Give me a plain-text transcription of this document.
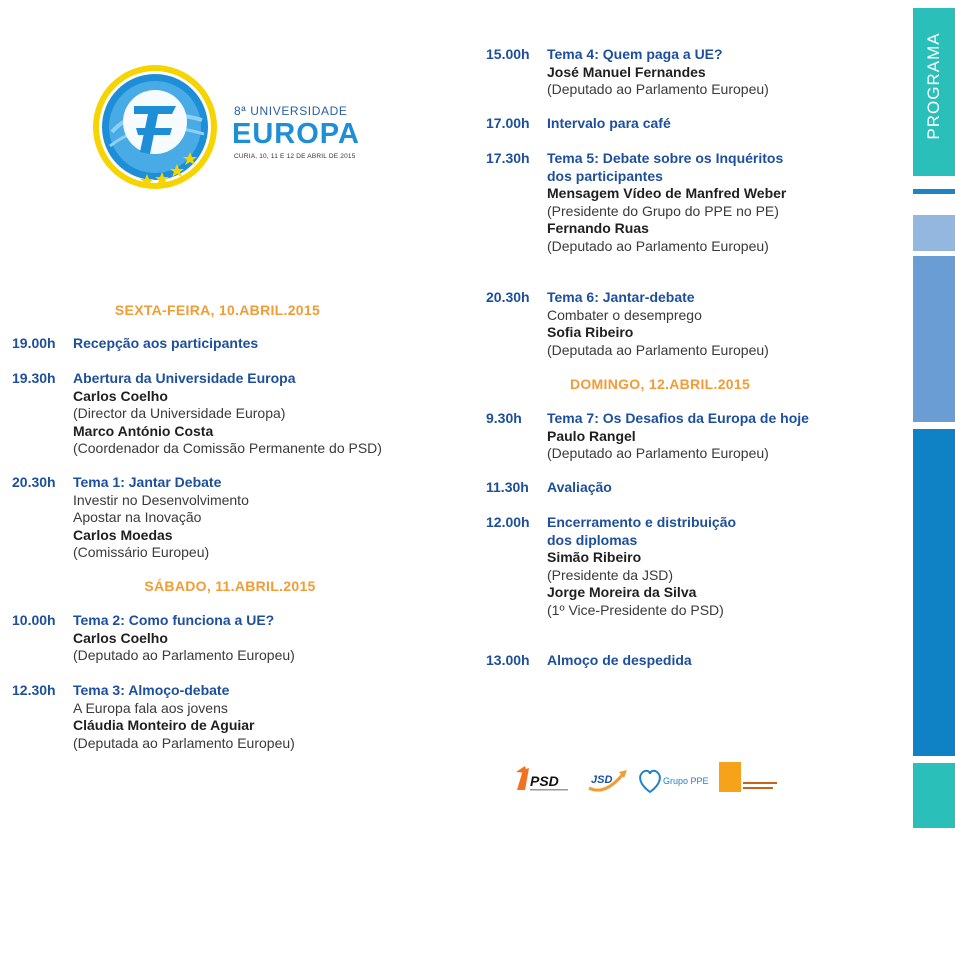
8ª UNIVERSIDADE
EUROPA
CURIA, 10, 11 E 12 DE ABRIL DE 2015
SEXTA-FEIRA, 10.ABRIL.2015
SÁBADO, 11.ABRIL.2015
DOMINGO, 12.ABRIL.2015
19.00h Recepção aos participantes
19.30h Abertura da Universidade Europa
Carlos Coelho
(Director da Universidade Europa)
Marco António Costa
(Coordenador da Comissão Permanente do PSD)
20.30h Tema 1: Jantar Debate
Investir no Desenvolvimento
Apostar na Inovação
Carlos Moedas
(Comissário Europeu)
10.00h Tema 2: Como funciona a UE?
Carlos Coelho
(Deputado ao Parlamento Europeu)
12.30h Tema 3: Almoço-debate
A Europa fala aos jovens
Cláudia Monteiro de Aguiar
(Deputada ao Parlamento Europeu)
15.00h Tema 4: Quem paga a UE?
José Manuel Fernandes
(Deputado ao Parlamento Europeu)
17.00h Intervalo para café
17.30h Tema 5: Debate sobre os Inquéritos
dos participantes
Mensagem Vídeo de Manfred Weber
(Presidente do Grupo do PPE no PE)
Fernando Ruas
(Deputado ao Parlamento Europeu)
20.30h Tema 6: Jantar-debate
Combater o desemprego
Sofia Ribeiro
(Deputada ao Parlamento Europeu)
9.30h Tema 7: Os Desafios da Europa de hoje
Paulo Rangel
(Deputado ao Parlamento Europeu)
11.30h Avaliação
12.00h Encerramento e distribuição
dos diplomas
Simão Ribeiro
(Presidente da JSD)
Jorge Moreira da Silva
(1º Vice-Presidente do PSD)
13.00h Almoço de despedida
PROGRAMA
PSD	JSD	Grupo PPE
